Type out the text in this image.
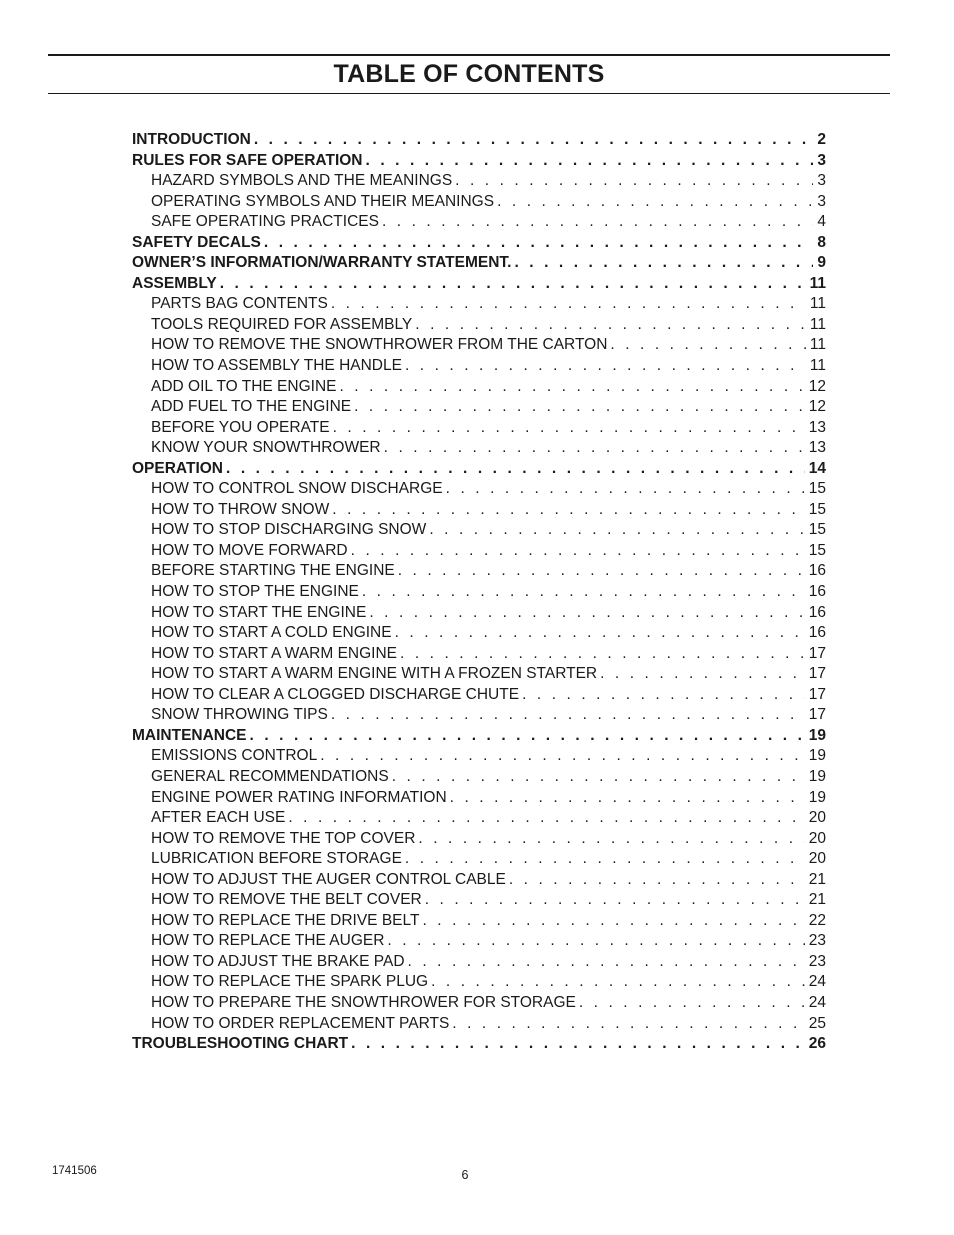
TABLE OF CONTENTS
INTRODUCTION . . .	2
RULES FOR SAFE OPERATION . . .	3
HAZARD SYMBOLS AND THE MEANINGS . . .	3
OPERATING SYMBOLS AND THEIR MEANINGS . . .	3
SAFE OPERATING PRACTICES . . .	4
SAFETY DECALS . . .	8
OWNER’S INFORMATION/WARRANTY STATEMENT. . . .	9
ASSEMBLY . . .	11
PARTS BAG CONTENTS . . .	11
TOOLS REQUIRED FOR ASSEMBLY . . .	11
HOW TO REMOVE THE SNOWTHROWER FROM THE CARTON . . .	11
HOW TO ASSEMBLY THE HANDLE . . .	11
ADD OIL TO THE ENGINE . . .	12
ADD FUEL TO THE ENGINE . . .	12
BEFORE YOU OPERATE . . .	13
KNOW YOUR SNOWTHROWER . . .	13
OPERATION . . .	14
HOW TO CONTROL SNOW DISCHARGE . . .	15
HOW TO THROW SNOW . . .	15
HOW TO STOP DISCHARGING SNOW . . .	15
HOW TO MOVE FORWARD . . .	15
BEFORE STARTING THE ENGINE . . .	16
HOW TO STOP THE ENGINE . . .	16
HOW TO START THE ENGINE . . .	16
HOW TO START A COLD ENGINE . . .	16
HOW TO START A WARM ENGINE . . .	17
HOW TO START A WARM ENGINE WITH A FROZEN STARTER . . .	17
HOW TO CLEAR A CLOGGED DISCHARGE CHUTE . . .	17
SNOW THROWING TIPS . . .	17
MAINTENANCE . . .	19
EMISSIONS CONTROL . . .	19
GENERAL RECOMMENDATIONS . . .	19
ENGINE POWER RATING INFORMATION . . .	19
AFTER EACH USE . . .	20
HOW TO REMOVE THE TOP COVER . . .	20
LUBRICATION BEFORE STORAGE . . .	20
HOW TO ADJUST THE AUGER CONTROL CABLE . . .	21
HOW TO REMOVE THE BELT COVER . . .	21
HOW TO REPLACE THE DRIVE BELT . . .	22
HOW TO REPLACE THE AUGER . . .	23
HOW TO ADJUST THE BRAKE PAD . . .	23
HOW TO REPLACE THE SPARK PLUG . . .	24
HOW TO PREPARE THE SNOWTHROWER FOR STORAGE . . .	24
HOW TO ORDER REPLACEMENT PARTS . . .	25
TROUBLESHOOTING CHART . . .	26
1741506	6
